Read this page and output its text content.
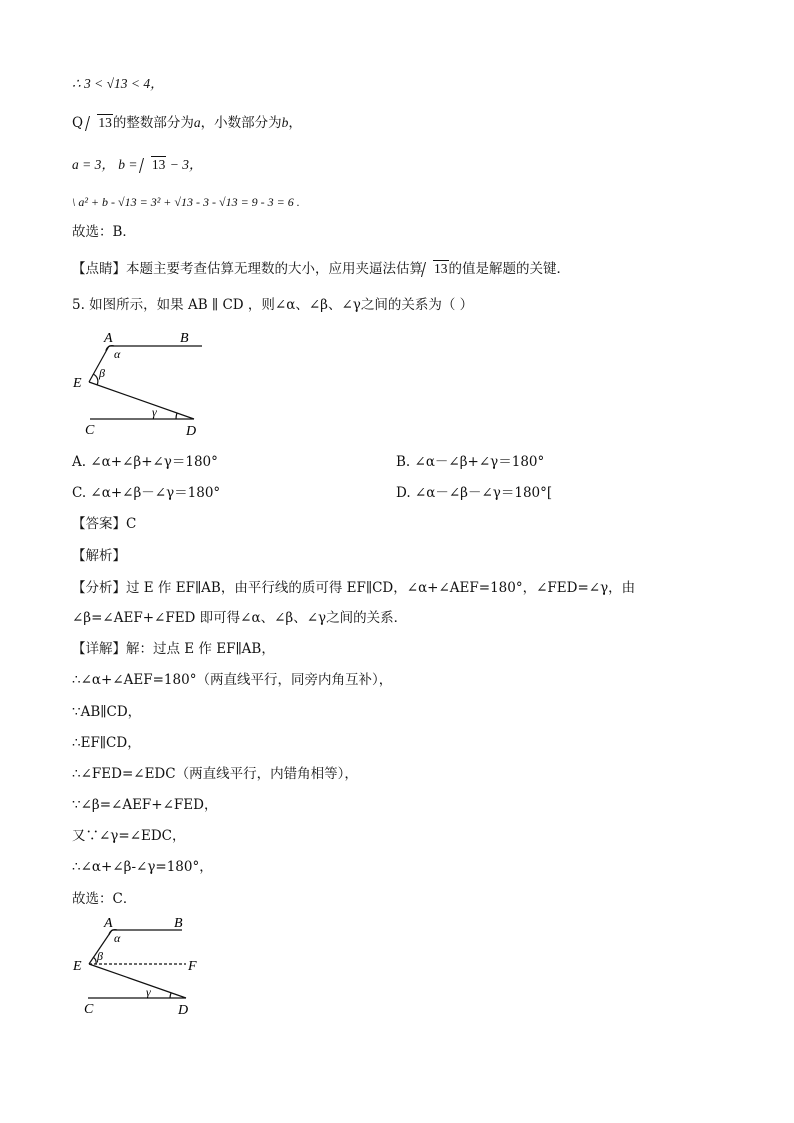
∴ 3 < √13 < 4，
Q 13的整数部分为a，小数部分为b，
a = 3， b = 13 − 3，
\ a² + b - √13 = 3² + √13 - 3 - √13 = 9 - 3 = 6 .
故选：B．
【点睛】本题主要考查估算无理数的大小，应用夹逼法估算 13的值是解题的关键．
5. 如图所示，如果 AB ∥ CD ，则∠α、∠β、∠γ之间的关系为（ ）
A	B
E
C	D
α
β
γ
A. ∠α+∠β+∠γ＝180°	B. ∠α－∠β+∠γ＝180°
C. ∠α+∠β－∠γ＝180°	D. ∠α－∠β－∠γ＝180°[
【答案】C
【解析】
【分析】过 E 作 EF∥AB，由平行线的质可得 EF∥CD，∠α+∠AEF=180°，∠FED=∠γ，由
∠β=∠AEF+∠FED 即可得∠α、∠β、∠γ之间的关系．
【详解】解：过点 E 作 EF∥AB，
∴∠α+∠AEF=180°（两直线平行，同旁内角互补），
∵AB∥CD，
∴EF∥CD，
∴∠FED=∠EDC（两直线平行，内错角相等），
∵∠β=∠AEF+∠FED，
又∵∠γ=∠EDC，
∴∠α+∠β-∠γ=180°，
故选：C．
A	B
E	F
C	D
α
β
γ
